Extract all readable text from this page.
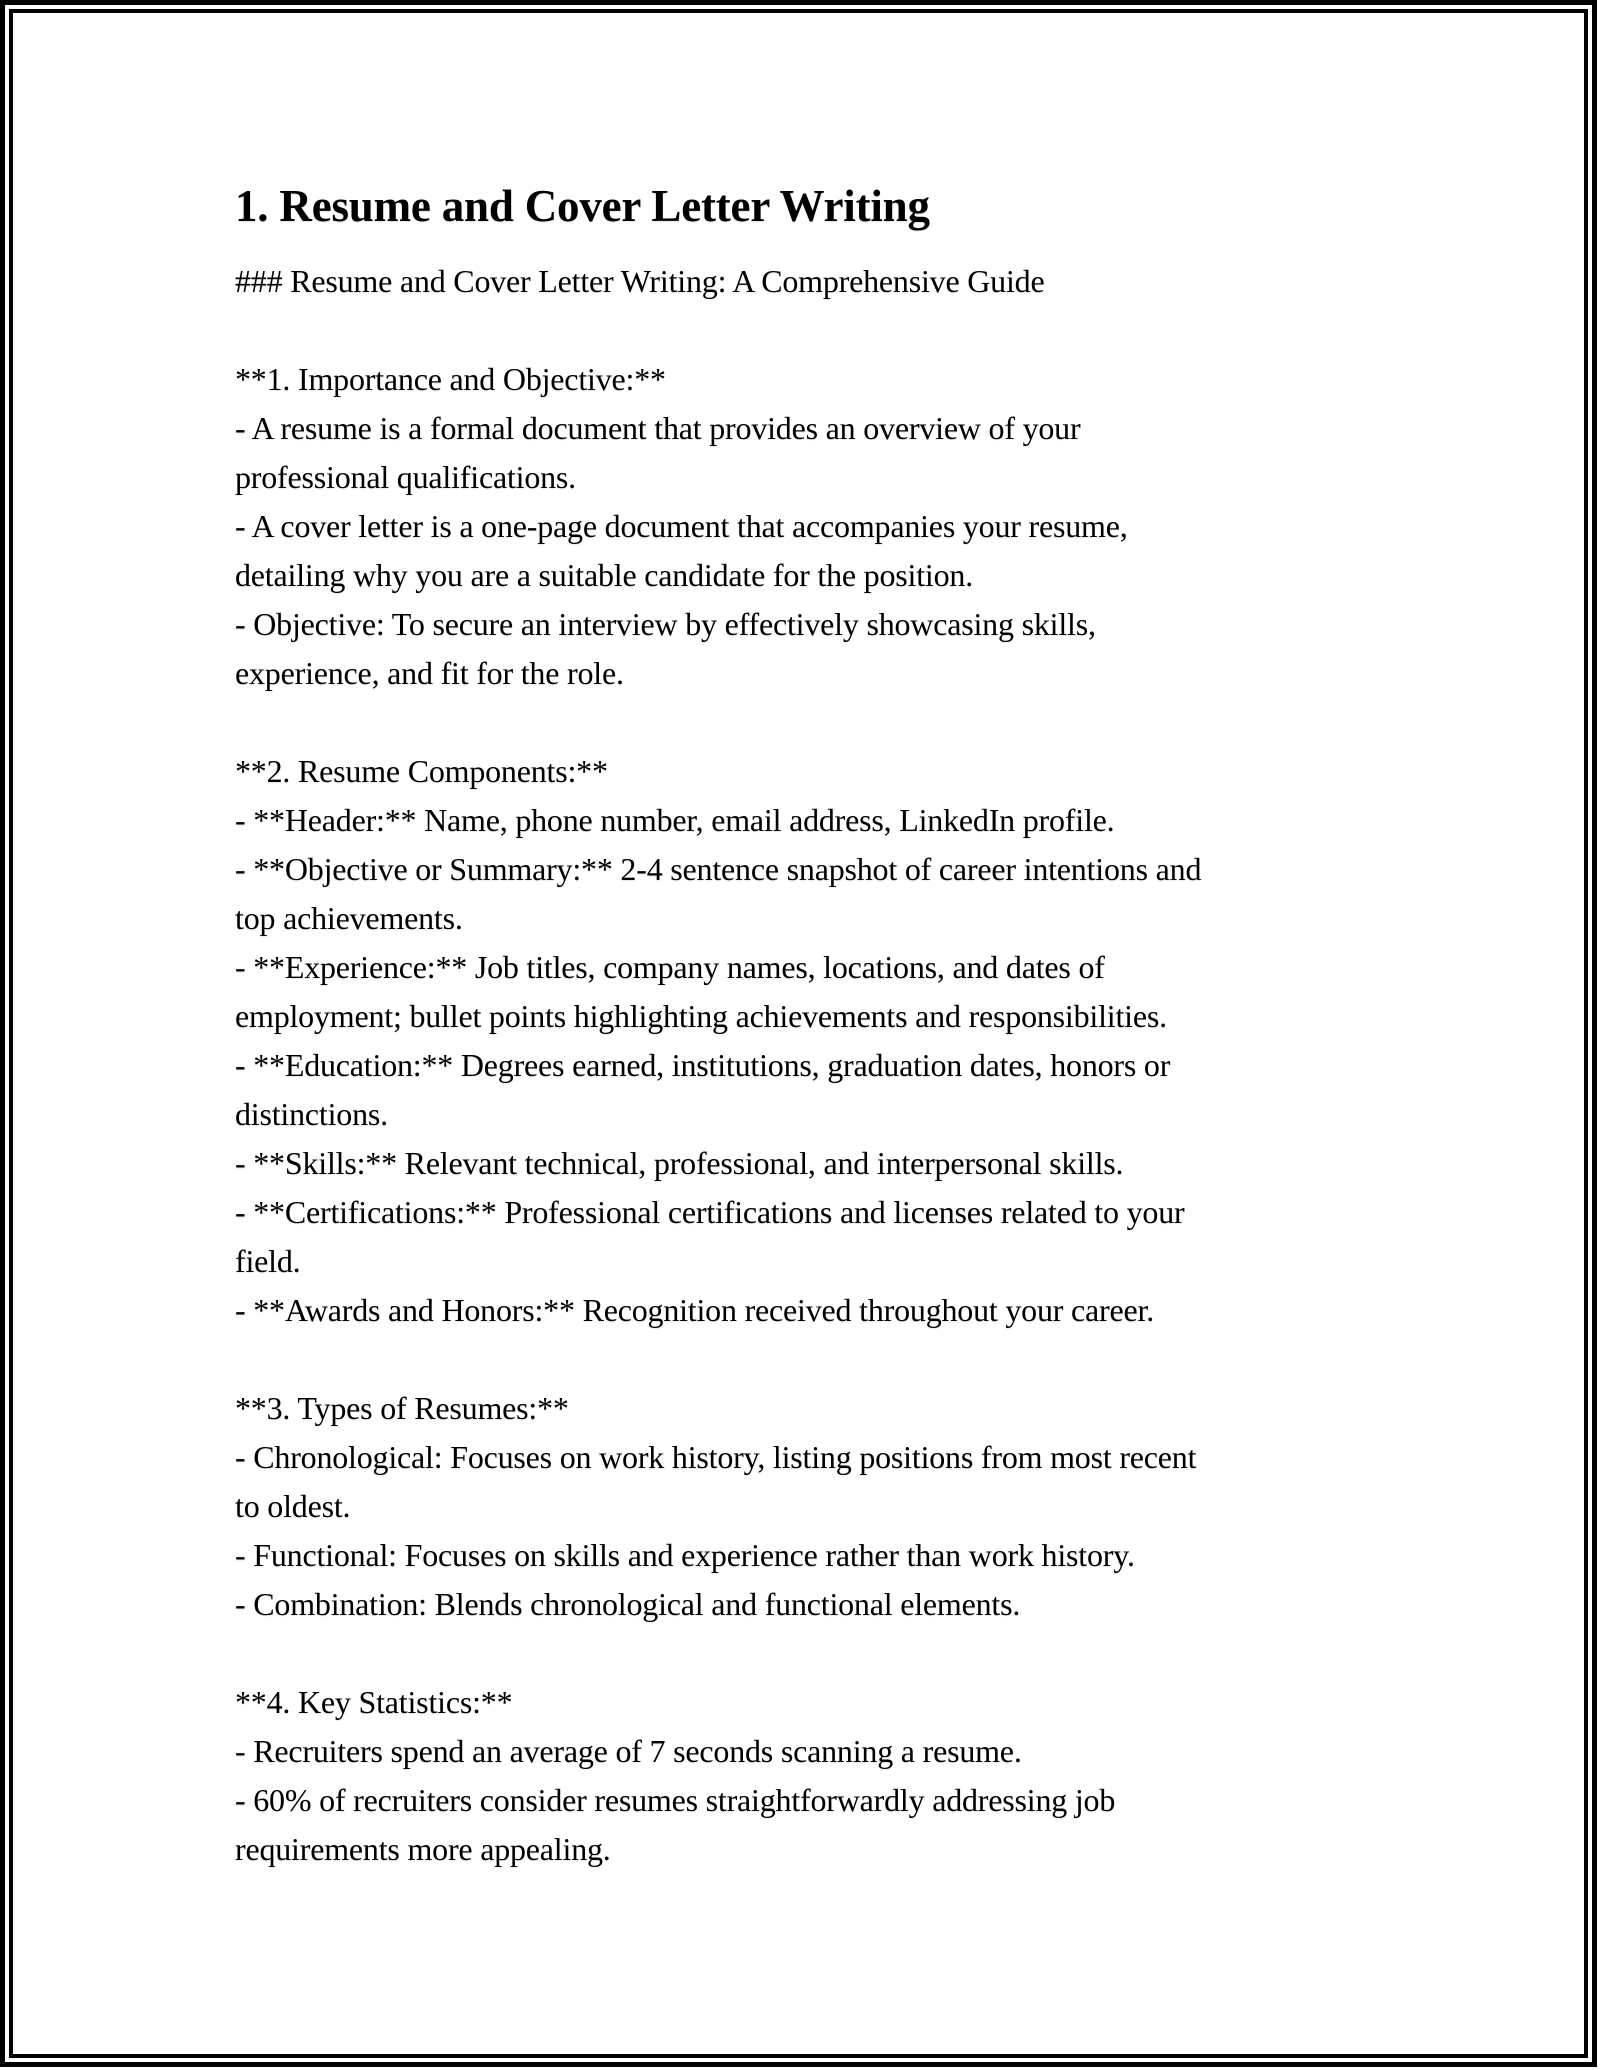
1. Resume and Cover Letter Writing
### Resume and Cover Letter Writing: A Comprehensive Guide
**1. Importance and Objective:**
- A resume is a formal document that provides an overview of your
professional qualifications.
- A cover letter is a one-page document that accompanies your resume,
detailing why you are a suitable candidate for the position.
- Objective: To secure an interview by effectively showcasing skills,
experience, and fit for the role.
**2. Resume Components:**
- **Header:** Name, phone number, email address, LinkedIn profile.
- **Objective or Summary:** 2-4 sentence snapshot of career intentions and
top achievements.
- **Experience:** Job titles, company names, locations, and dates of
employment; bullet points highlighting achievements and responsibilities.
- **Education:** Degrees earned, institutions, graduation dates, honors or
distinctions.
- **Skills:** Relevant technical, professional, and interpersonal skills.
- **Certifications:** Professional certifications and licenses related to your
field.
- **Awards and Honors:** Recognition received throughout your career.
**3. Types of Resumes:**
- Chronological: Focuses on work history, listing positions from most recent
to oldest.
- Functional: Focuses on skills and experience rather than work history.
- Combination: Blends chronological and functional elements.
**4. Key Statistics:**
- Recruiters spend an average of 7 seconds scanning a resume.
- 60% of recruiters consider resumes straightforwardly addressing job
requirements more appealing.
